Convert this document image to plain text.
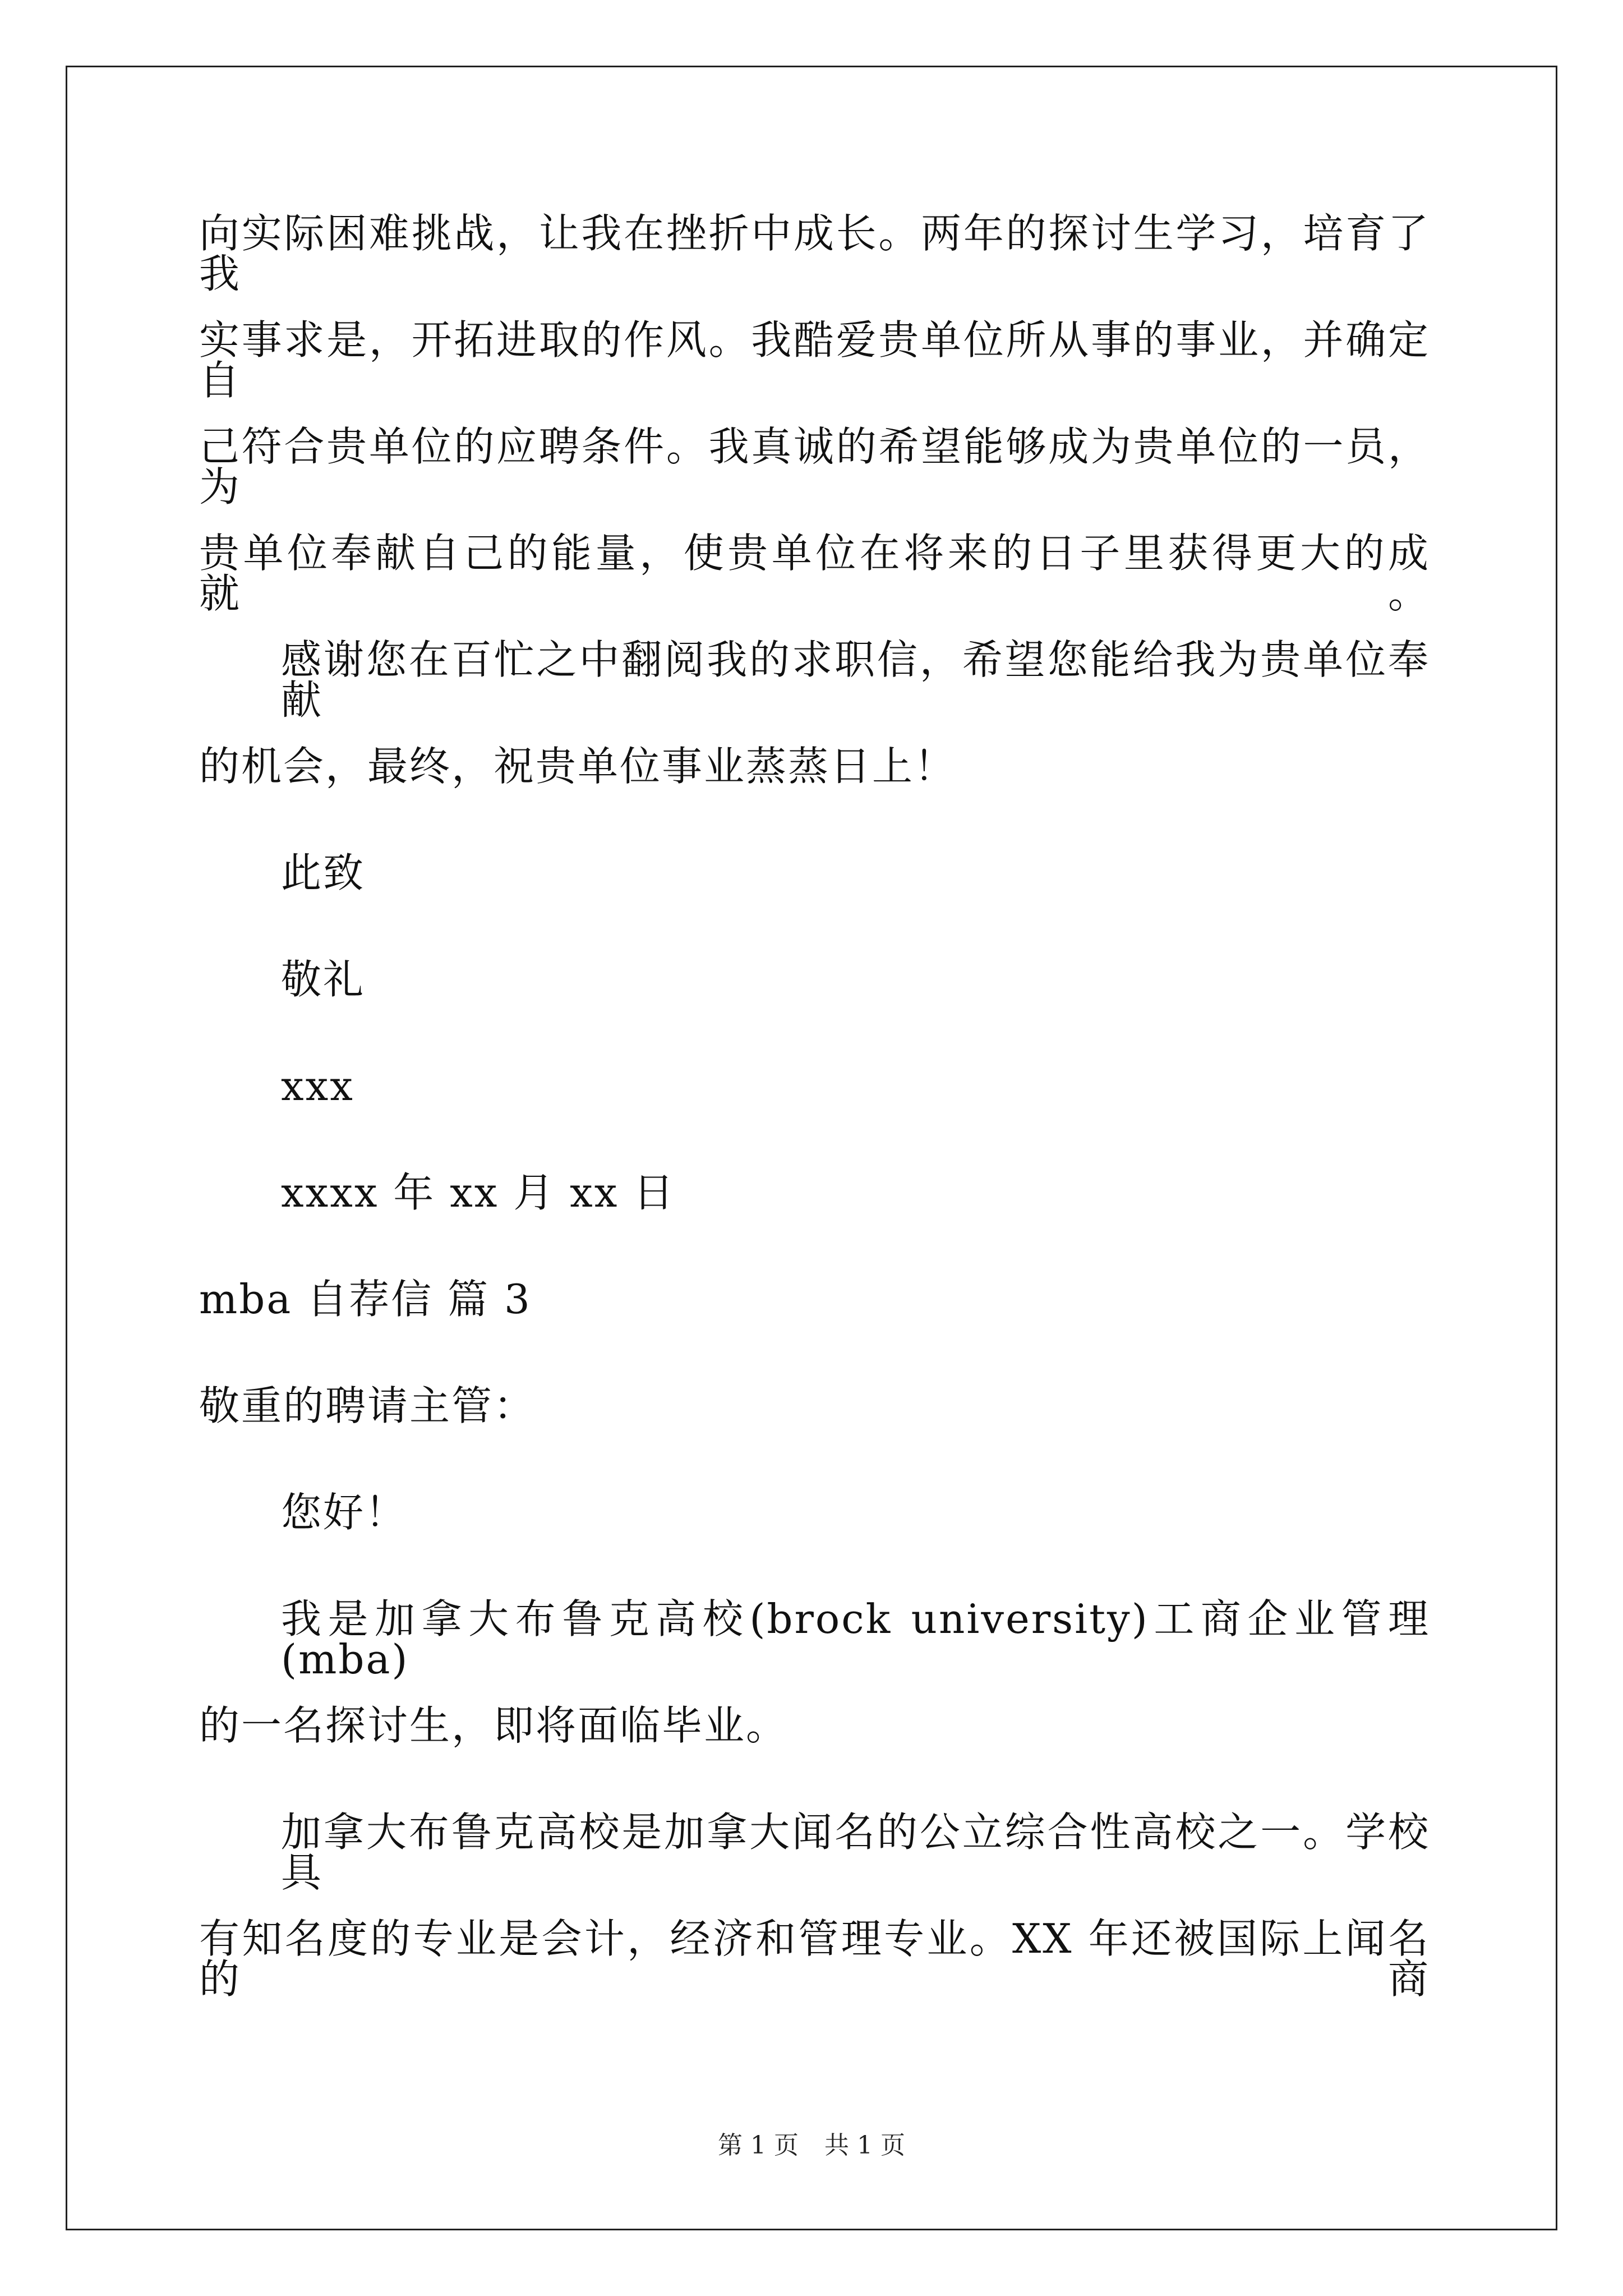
向实际困难挑战，让我在挫折中成长。两年的探讨生学习，培育了我
实事求是，开拓进取的作风。我酷爱贵单位所从事的事业，并确定自
己符合贵单位的应聘条件。我真诚的希望能够成为贵单位的一员，为
贵单位奉献自己的能量，使贵单位在将来的日子里获得更大的成就。
感谢您在百忙之中翻阅我的求职信，希望您能给我为贵单位奉献
的机会，最终，祝贵单位事业蒸蒸日上！
此致
敬礼
xxx
xxxx 年 xx 月 xx 日
mba 自荐信 篇 3
敬重的聘请主管：
您好！
我是加拿大布鲁克高校(brock university)工商企业管理(mba)
的一名探讨生，即将面临毕业。
加拿大布鲁克高校是加拿大闻名的公立综合性高校之一。学校具
有知名度的专业是会计，经济和管理专业。XX 年还被国际上闻名的商
第 1 页 共 1 页
